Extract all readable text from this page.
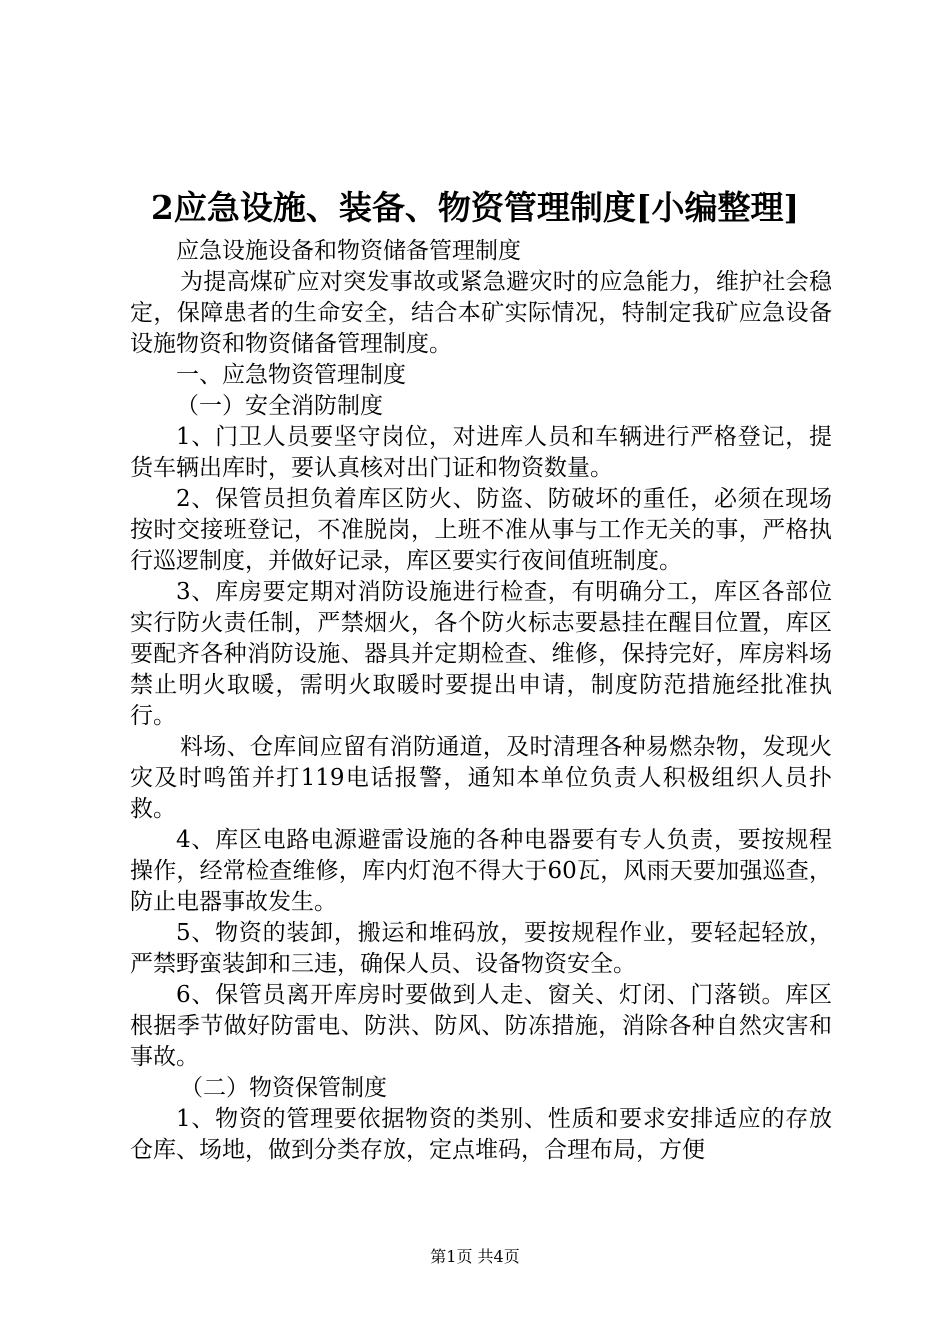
2应急设施、装备、物资管理制度[小编整理]

应急设施设备和物资储备管理制度

为提高煤矿应对突发事故或紧急避灾时的应急能力，维护社会稳定，保障患者的生命安全，结合本矿实际情况，特制定我矿应急设备设施物资和物资储备管理制度。

一、应急物资管理制度

（一）安全消防制度

1、门卫人员要坚守岗位，对进库人员和车辆进行严格登记，提货车辆出库时，要认真核对出门证和物资数量。

2、保管员担负着库区防火、防盗、防破坏的重任，必须在现场按时交接班登记，不准脱岗，上班不准从事与工作无关的事，严格执行巡逻制度，并做好记录，库区要实行夜间值班制度。

3、库房要定期对消防设施进行检查，有明确分工，库区各部位实行防火责任制，严禁烟火，各个防火标志要悬挂在醒目位置，库区要配齐各种消防设施、器具并定期检查、维修，保持完好，库房料场禁止明火取暖，需明火取暖时要提出申请，制度防范措施经批准执行。

料场、仓库间应留有消防通道，及时清理各种易燃杂物，发现火灾及时鸣笛并打119电话报警，通知本单位负责人积极组织人员扑救。

4、库区电路电源避雷设施的各种电器要有专人负责，要按规程操作，经常检查维修，库内灯泡不得大于60瓦，风雨天要加强巡查，防止电器事故发生。

5、物资的装卸，搬运和堆码放，要按规程作业，要轻起轻放，严禁野蛮装卸和三违，确保人员、设备物资安全。

6、保管员离开库房时要做到人走、窗关、灯闭、门落锁。库区根据季节做好防雷电、防洪、防风、防冻措施，消除各种自然灾害和事故。

（二）物资保管制度

1、物资的管理要依据物资的类别、性质和要求安排适应的存放仓库、场地，做到分类存放，定点堆码，合理布局，方便

第1页 共4页
